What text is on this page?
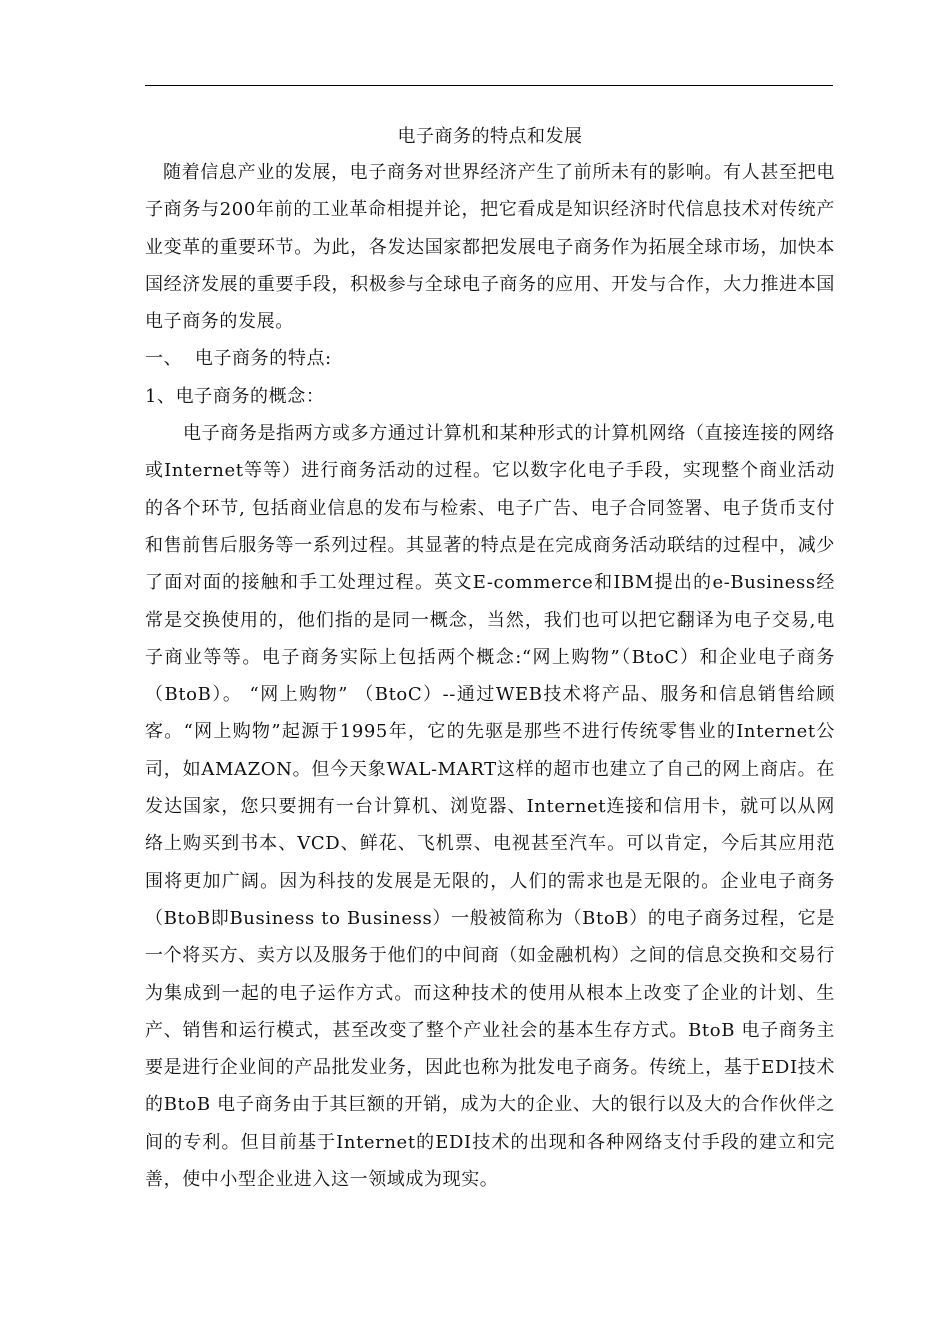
电子商务的特点和发展

随着信息产业的发展，电子商务对世界经济产生了前所未有的影响。有人甚至把电子商务与200年前的工业革命相提并论，把它看成是知识经济时代信息技术对传统产业变革的重要环节。为此，各发达国家都把发展电子商务作为拓展全球市场，加快本国经济发展的重要手段，积极参与全球电子商务的应用、开发与合作，大力推进本国电子商务的发展。

一、  电子商务的特点:

1、电子商务的概念：

电子商务是指两方或多方通过计算机和某种形式的计算机网络（直接连接的网络或Internet等等）进行商务活动的过程。它以数字化电子手段，实现整个商业活动的各个环节, 包括商业信息的发布与检索、电子广告、电子合同签署、电子货币支付和售前售后服务等一系列过程。其显著的特点是在完成商务活动联结的过程中，减少了面对面的接触和手工处理过程。英文E-commerce和IBM提出的e-Business经常是交换使用的，他们指的是同一概念，当然，我们也可以把它翻译为电子交易,电子商业等等。电子商务实际上包括两个概念:“网上购物”（BtoC）和企业电子商务（BtoB）。 “网上购物” （BtoC）--通过WEB技术将产品、服务和信息销售给顾客。“网上购物”起源于1995年，它的先驱是那些不进行传统零售业的Internet公司，如AMAZON。但今天象WAL-MART这样的超市也建立了自己的网上商店。在发达国家，您只要拥有一台计算机、浏览器、Internet连接和信用卡，就可以从网络上购买到书本、VCD、鲜花、飞机票、电视甚至汽车。可以肯定，今后其应用范围将更加广阔。因为科技的发展是无限的，人们的需求也是无限的。企业电子商务（BtoB即Business to Business）一般被简称为（BtoB）的电子商务过程，它是一个将买方、卖方以及服务于他们的中间商（如金融机构）之间的信息交换和交易行为集成到一起的电子运作方式。而这种技术的使用从根本上改变了企业的计划、生产、销售和运行模式，甚至改变了整个产业社会的基本生存方式。BtoB 电子商务主要是进行企业间的产品批发业务，因此也称为批发电子商务。传统上，基于EDI技术的BtoB 电子商务由于其巨额的开销，成为大的企业、大的银行以及大的合作伙伴之间的专利。但目前基于Internet的EDI技术的出现和各种网络支付手段的建立和完善，使中小型企业进入这一领域成为现实。
